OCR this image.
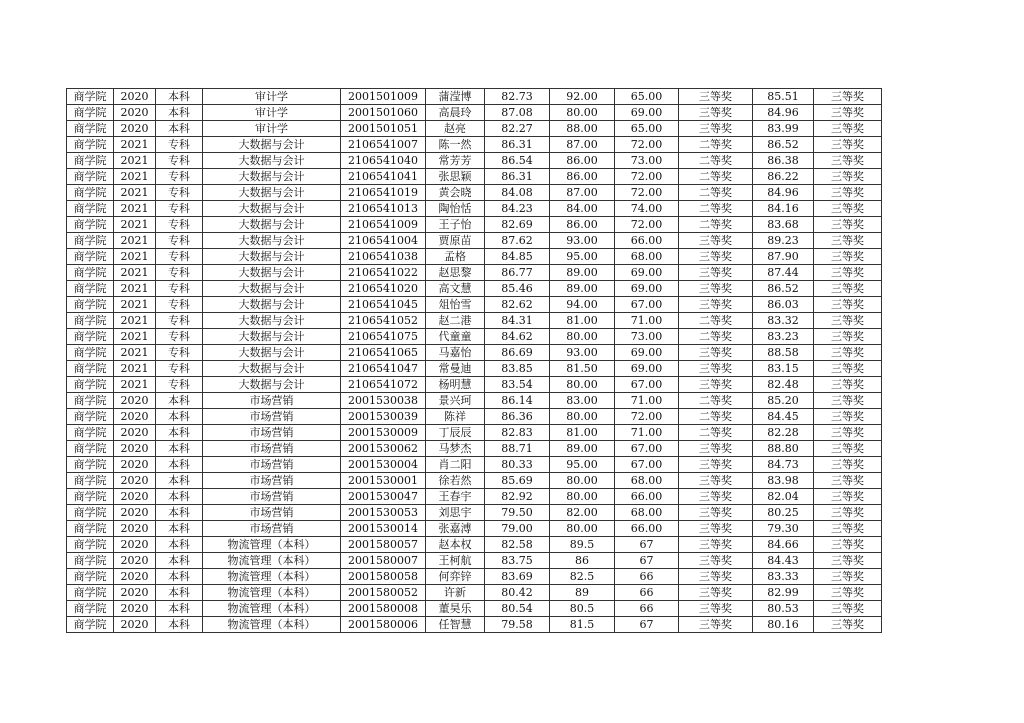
商学院	2020	本科	审计学	2001501009	蒲滢博	82.73	92.00	65.00	三等奖	85.51	三等奖
商学院	2020	本科	审计学	2001501060	高晨玲	87.08	80.00	69.00	三等奖	84.96	三等奖
商学院	2020	本科	审计学	2001501051	赵亮	82.27	88.00	65.00	三等奖	83.99	三等奖
商学院	2021	专科	大数据与会计	2106541007	陈一然	86.31	87.00	72.00	二等奖	86.52	三等奖
商学院	2021	专科	大数据与会计	2106541040	常芳芳	86.54	86.00	73.00	二等奖	86.38	三等奖
商学院	2021	专科	大数据与会计	2106541041	张思颖	86.31	86.00	72.00	二等奖	86.22	三等奖
商学院	2021	专科	大数据与会计	2106541019	黄会晓	84.08	87.00	72.00	二等奖	84.96	三等奖
商学院	2021	专科	大数据与会计	2106541013	陶怡恬	84.23	84.00	74.00	二等奖	84.16	三等奖
商学院	2021	专科	大数据与会计	2106541009	王子怡	82.69	86.00	72.00	二等奖	83.68	三等奖
商学院	2021	专科	大数据与会计	2106541004	贾原苗	87.62	93.00	66.00	三等奖	89.23	三等奖
商学院	2021	专科	大数据与会计	2106541038	孟格	84.85	95.00	68.00	三等奖	87.90	三等奖
商学院	2021	专科	大数据与会计	2106541022	赵思黎	86.77	89.00	69.00	三等奖	87.44	三等奖
商学院	2021	专科	大数据与会计	2106541020	高文慧	85.46	89.00	69.00	三等奖	86.52	三等奖
商学院	2021	专科	大数据与会计	2106541045	俎怡雪	82.62	94.00	67.00	三等奖	86.03	三等奖
商学院	2021	专科	大数据与会计	2106541052	赵二港	84.31	81.00	71.00	二等奖	83.32	三等奖
商学院	2021	专科	大数据与会计	2106541075	代童童	84.62	80.00	73.00	二等奖	83.23	三等奖
商学院	2021	专科	大数据与会计	2106541065	马嘉怡	86.69	93.00	69.00	三等奖	88.58	三等奖
商学院	2021	专科	大数据与会计	2106541047	常曼迪	83.85	81.50	69.00	三等奖	83.15	三等奖
商学院	2021	专科	大数据与会计	2106541072	杨明慧	83.54	80.00	67.00	三等奖	82.48	三等奖
商学院	2020	本科	市场营销	2001530038	景兴珂	86.14	83.00	71.00	二等奖	85.20	三等奖
商学院	2020	本科	市场营销	2001530039	陈祥	86.36	80.00	72.00	二等奖	84.45	三等奖
商学院	2020	本科	市场营销	2001530009	丁辰辰	82.83	81.00	71.00	二等奖	82.28	三等奖
商学院	2020	本科	市场营销	2001530062	马梦杰	88.71	89.00	67.00	三等奖	88.80	三等奖
商学院	2020	本科	市场营销	2001530004	肖二阳	80.33	95.00	67.00	三等奖	84.73	三等奖
商学院	2020	本科	市场营销	2001530001	徐若然	85.69	80.00	68.00	三等奖	83.98	三等奖
商学院	2020	本科	市场营销	2001530047	王春宇	82.92	80.00	66.00	三等奖	82.04	三等奖
商学院	2020	本科	市场营销	2001530053	刘思宇	79.50	82.00	68.00	三等奖	80.25	三等奖
商学院	2020	本科	市场营销	2001530014	张嘉溥	79.00	80.00	66.00	三等奖	79.30	三等奖
商学院	2020	本科	物流管理（本科）	2001580057	赵本权	82.58	89.5	67	三等奖	84.66	三等奖
商学院	2020	本科	物流管理（本科）	2001580007	王柯航	83.75	86	67	三等奖	84.43	三等奖
商学院	2020	本科	物流管理（本科）	2001580058	何弈锌	83.69	82.5	66	三等奖	83.33	三等奖
商学院	2020	本科	物流管理（本科）	2001580052	许新	80.42	89	66	三等奖	82.99	三等奖
商学院	2020	本科	物流管理（本科）	2001580008	董昊乐	80.54	80.5	66	三等奖	80.53	三等奖
商学院	2020	本科	物流管理（本科）	2001580006	任智慧	79.58	81.5	67	三等奖	80.16	三等奖
